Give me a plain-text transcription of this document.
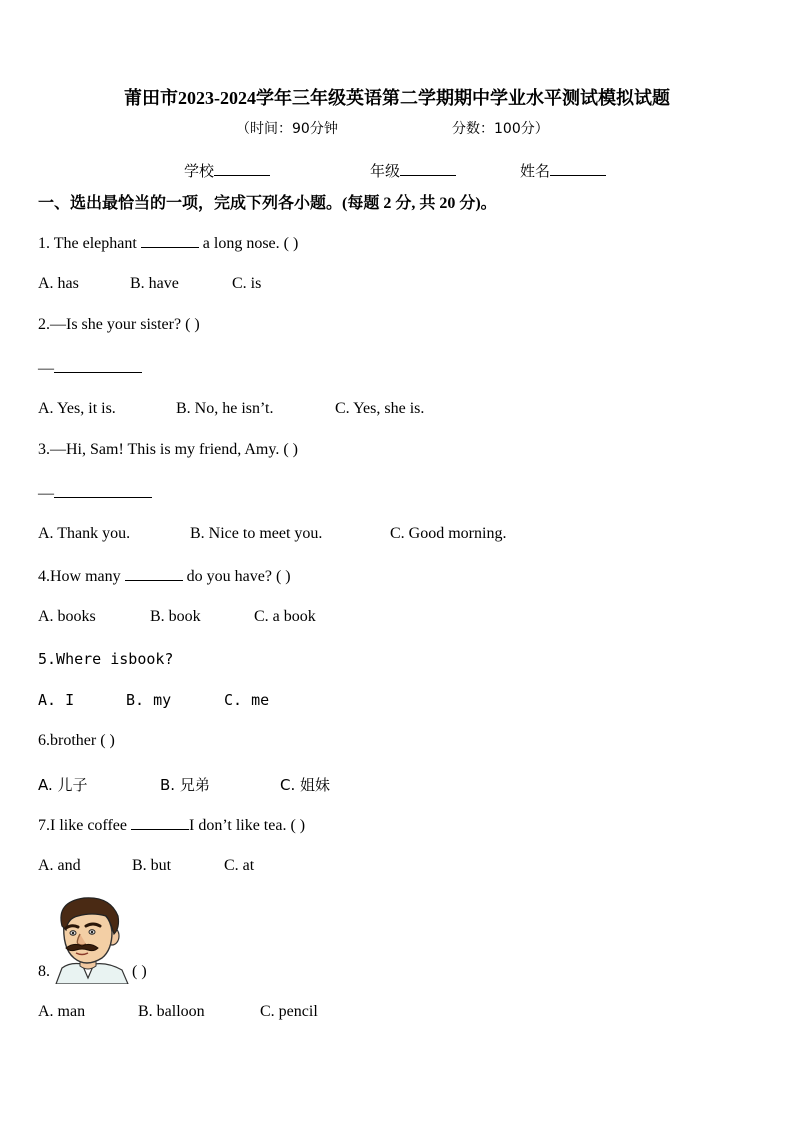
莆田市2023-2024学年三年级英语第二学期期中学业水平测试模拟试题
（时间：90分钟	分数：100分）
学校	年级	姓名
一、选出最恰当的一项，完成下列各小题。(每题 2 分, 共 20 分)。
1. The elephant	a long nose. ( )
A. has	B. have	C. is
2.—Is she your sister? ( )
—
A. Yes, it is.	B. No, he isn’t.	C. Yes, she is.
3.—Hi, Sam! This is my friend, Amy. ( )
—
A. Thank you.	B. Nice to meet you.	C. Good morning.
4.How many	do you have? ( )
A. books	B. book	C. a book
5.Where isbook?
A. I	B. my	C. me
6.brother ( )
A. 儿子	B. 兄弟	C. 姐妹
7.I like coffee	I don’t like tea. ( )
A. and	B. but	C. at
8.	( )
A. man	B. balloon	C. pencil
